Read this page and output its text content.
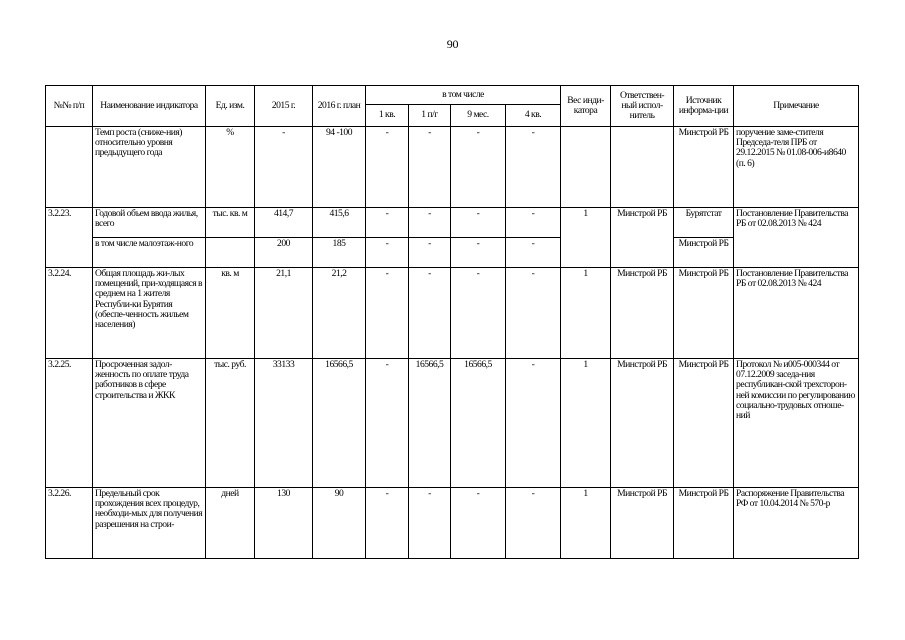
90
№№ п/п	Наименование индикатора	Ед. изм.	2015 г.	2016 г. план	в том числе				Вес инди-катора	Ответствен-ный испол-нитель	Источник информа-ции	Примечание
					1 кв.	1 п/г	9 мес.	4 кв.				
	Темп роста (сниже-ния) относительно уровня предыдущего года	%	-	94 -100	-	-	-	-			Минстрой РБ	поручение заме-стителя Председа-теля ПРБ от 29.12.2015 № 01.08-006-и8640 (п. 6)
3.2.23.	Годовой объем ввода жилья, всего	тыс. кв. м	414,7	415,6	-	-	-	-	1	Минстрой РБ	Бурятстат	Постановление Правительства РБ от 02.08.2013 № 424
	в том числе малоэтаж-ного		200	185	-	-	-	-			Минстрой РБ	
3.2.24.	Общая площадь жи-лых помещений, при-ходящаяся в среднем на 1 жителя Республи-ки Бурятия (обеспе-ченность жильем населения)	кв. м	21,1	21,2	-	-	-	-	1	Минстрой РБ	Минстрой РБ	Постановление Правительства РБ от 02.08.2013 № 424
3.2.25.	Просроченная задол-женность по оплате труда работников в сфере строительства и ЖКК	тыс. руб.	33133	16566,5	-	16566,5	16566,5	-	1	Минстрой РБ	Минстрой РБ	Протокол № и005-000344 от 07.12.2009 заседа-ния республикан-ской трехсторон-ней комиссии по регулированию социально-трудовых отноше-ний
3.2.26.	Предельный срок прохождения всех процедур, необходи-мых для получения разрешения на строи-	дней	130	90	-	-	-	-	1	Минстрой РБ	Минстрой РБ	Распоряжение Правительства РФ от 10.04.2014 № 570-р
